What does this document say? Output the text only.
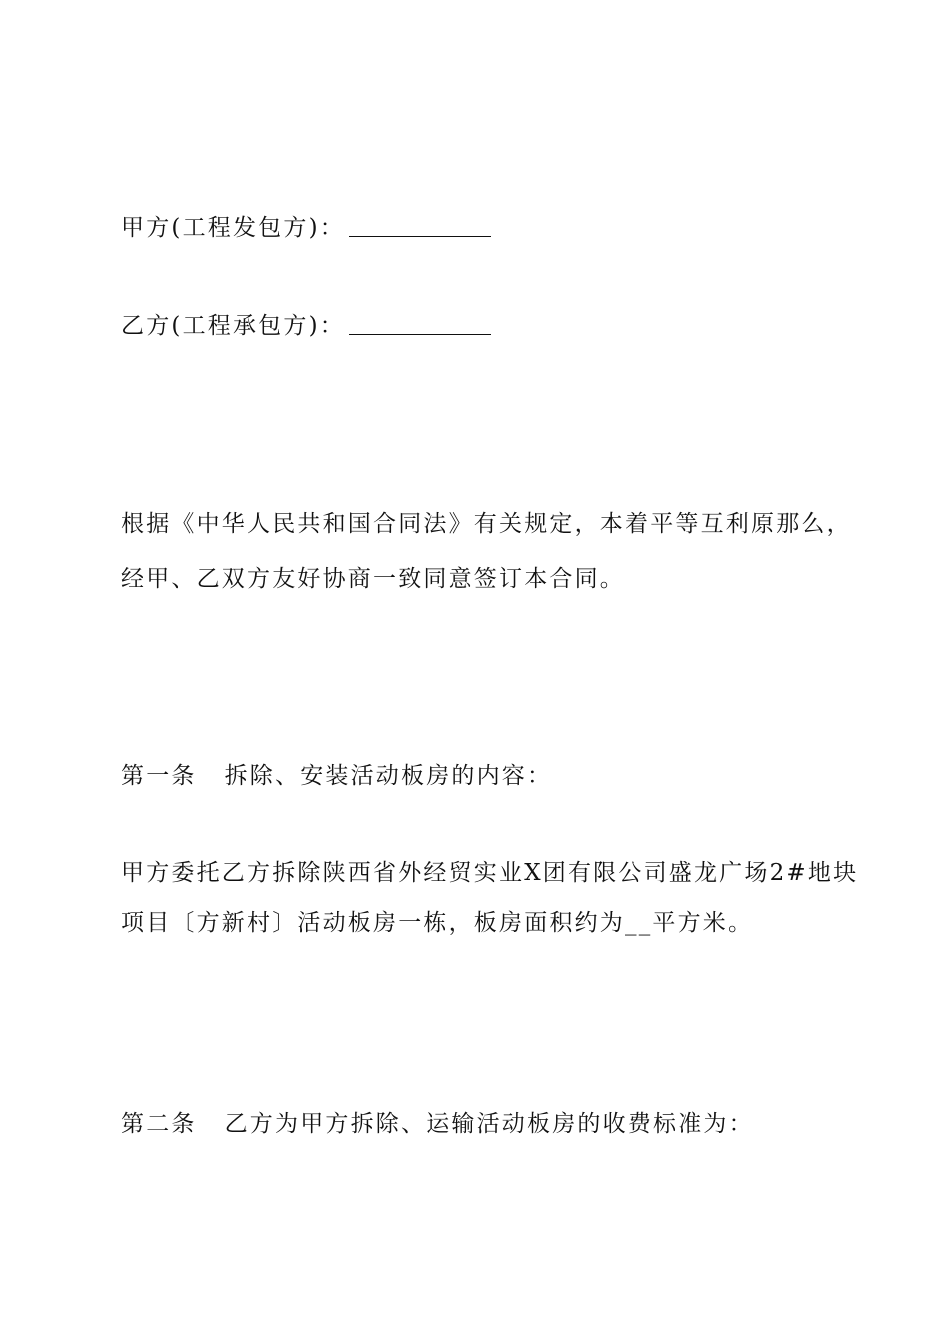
甲方(工程发包方)：
乙方(工程承包方)：
根据《中华人民共和国合同法》有关规定，本着平等互利原那么，
经甲、乙双方友好协商一致同意签订本合同。
第一条 拆除、安装活动板房的内容：
甲方委托乙方拆除陕西省外经贸实业X团有限公司盛龙广场2#地块
项目〔方新村〕活动板房一栋，板房面积约为__平方米。
第二条 乙方为甲方拆除、运输活动板房的收费标准为：
